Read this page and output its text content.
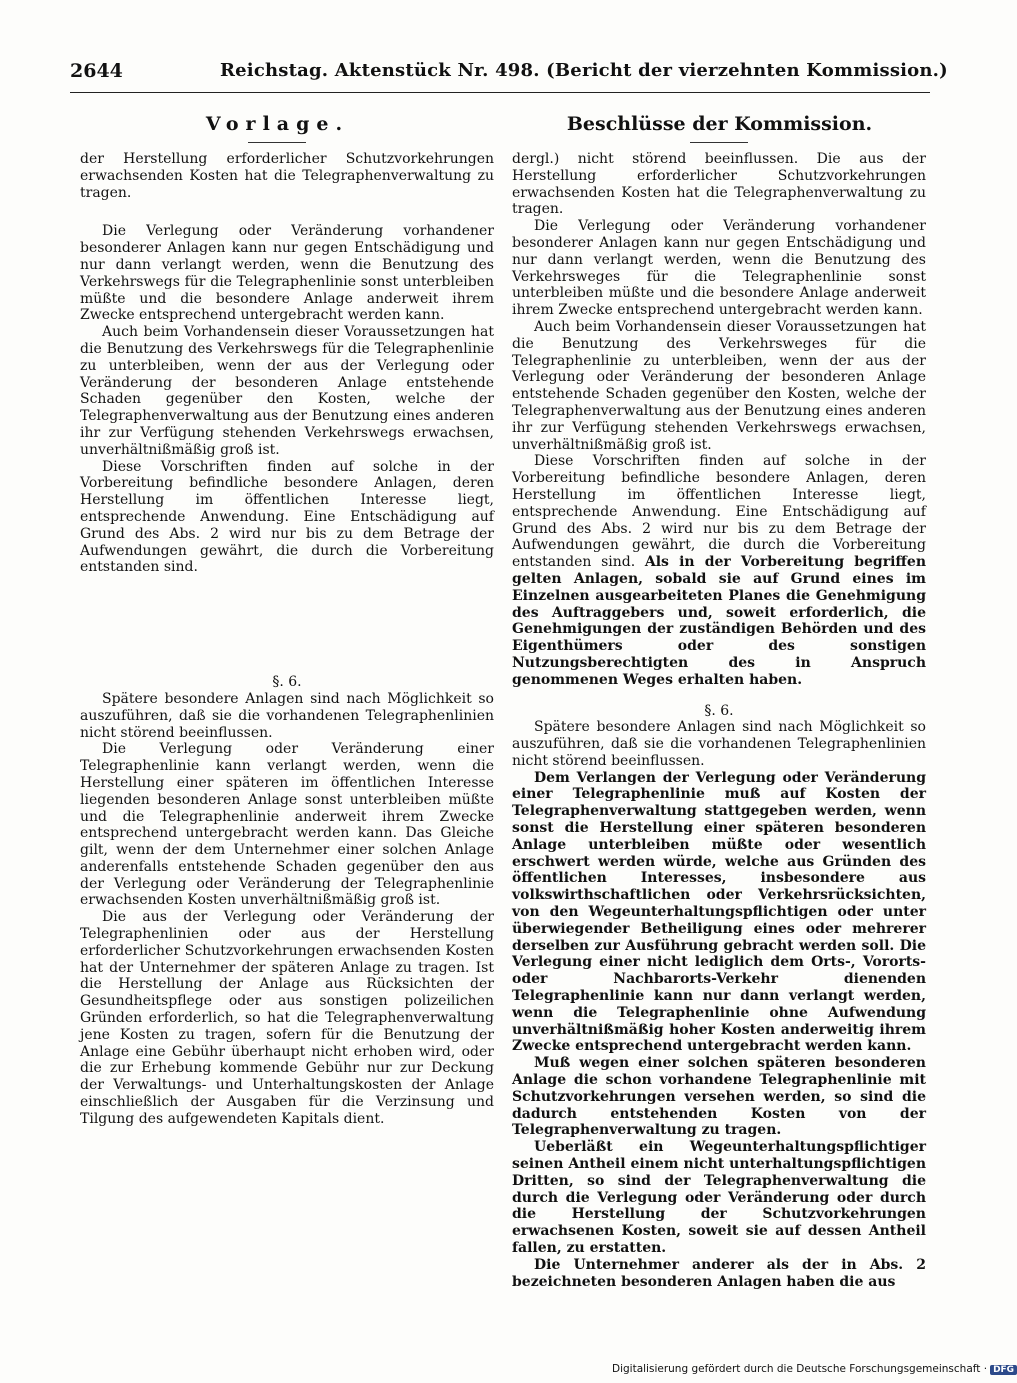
2644	Reichstag. Aktenstück Nr. 498. (Bericht der vierzehnten Kommission.)
Vorlage.	Beschlüsse der Kommission.

der Herstellung erforderlicher Schutzvorkehrungen erwachsenden Kosten hat die Telegraphenverwaltung zu tragen.

Die Verlegung oder Veränderung vorhandener besonderer Anlagen kann nur gegen Entschädigung und nur dann verlangt werden, wenn die Benutzung des Verkehrswegs für die Telegraphenlinie sonst unterbleiben müßte und die besondere Anlage anderweit ihrem Zwecke entsprechend untergebracht werden kann.

Auch beim Vorhandensein dieser Voraussetzungen hat die Benutzung des Verkehrswegs für die Telegraphenlinie zu unterbleiben, wenn der aus der Verlegung oder Veränderung der besonderen Anlage entstehende Schaden gegenüber den Kosten, welche der Telegraphenverwaltung aus der Benutzung eines anderen ihr zur Verfügung stehenden Verkehrswegs erwachsen, unverhältnißmäßig groß ist.

Diese Vorschriften finden auf solche in der Vorbereitung befindliche besondere Anlagen, deren Herstellung im öffentlichen Interesse liegt, entsprechende Anwendung. Eine Entschädigung auf Grund des Abs. 2 wird nur bis zu dem Betrage der Aufwendungen gewährt, die durch die Vorbereitung entstanden sind.

§. 6.

Spätere besondere Anlagen sind nach Möglichkeit so auszuführen, daß sie die vorhandenen Telegraphenlinien nicht störend beeinflussen.

Die Verlegung oder Veränderung einer Telegraphenlinie kann verlangt werden, wenn die Herstellung einer späteren im öffentlichen Interesse liegenden besonderen Anlage sonst unterbleiben müßte und die Telegraphenlinie anderweit ihrem Zwecke entsprechend untergebracht werden kann. Das Gleiche gilt, wenn der dem Unternehmer einer solchen Anlage anderenfalls entstehende Schaden gegenüber den aus der Verlegung oder Veränderung der Telegraphenlinie erwachsenden Kosten unverhältnißmäßig groß ist.

Die aus der Verlegung oder Veränderung der Telegraphenlinien oder aus der Herstellung erforderlicher Schutzvorkehrungen erwachsenden Kosten hat der Unternehmer der späteren Anlage zu tragen. Ist die Herstellung der Anlage aus Rücksichten der Gesundheitspflege oder aus sonstigen polizeilichen Gründen erforderlich, so hat die Telegraphenverwaltung jene Kosten zu tragen, sofern für die Benutzung der Anlage eine Gebühr überhaupt nicht erhoben wird, oder die zur Erhebung kommende Gebühr nur zur Deckung der Verwaltungs- und Unterhaltungskosten der Anlage einschließlich der Ausgaben für die Verzinsung und Tilgung des aufgewendeten Kapitals dient.

dergl.) nicht störend beeinflussen. Die aus der Herstellung erforderlicher Schutzvorkehrungen erwachsenden Kosten hat die Telegraphenverwaltung zu tragen.

Die Verlegung oder Veränderung vorhandener besonderer Anlagen kann nur gegen Entschädigung und nur dann verlangt werden, wenn die Benutzung des Verkehrsweges für die Telegraphenlinie sonst unterbleiben müßte und die besondere Anlage anderweit ihrem Zwecke entsprechend untergebracht werden kann.

Auch beim Vorhandensein dieser Voraussetzungen hat die Benutzung des Verkehrsweges für die Telegraphenlinie zu unterbleiben, wenn der aus der Verlegung oder Veränderung der besonderen Anlage entstehende Schaden gegenüber den Kosten, welche der Telegraphenverwaltung aus der Benutzung eines anderen ihr zur Verfügung stehenden Verkehrswegs erwachsen, unverhältnißmäßig groß ist.

Diese Vorschriften finden auf solche in der Vorbereitung befindliche besondere Anlagen, deren Herstellung im öffentlichen Interesse liegt, entsprechende Anwendung. Eine Entschädigung auf Grund des Abs. 2 wird nur bis zu dem Betrage der Aufwendungen gewährt, die durch die Vorbereitung entstanden sind. Als in der Vorbereitung begriffen gelten Anlagen, sobald sie auf Grund eines im Einzelnen ausgearbeiteten Planes die Genehmigung des Auftraggebers und, soweit erforderlich, die Genehmigungen der zuständigen Behörden und des Eigenthümers oder des sonstigen Nutzungsberechtigten des in Anspruch genommenen Weges erhalten haben.

§. 6.

Spätere besondere Anlagen sind nach Möglichkeit so auszuführen, daß sie die vorhandenen Telegraphenlinien nicht störend beeinflussen.

Dem Verlangen der Verlegung oder Veränderung einer Telegraphenlinie muß auf Kosten der Telegraphenverwaltung stattgegeben werden, wenn sonst die Herstellung einer späteren besonderen Anlage unterbleiben müßte oder wesentlich erschwert werden würde, welche aus Gründen des öffentlichen Interesses, insbesondere aus volkswirthschaftlichen oder Verkehrsrücksichten, von den Wegeunterhaltungspflichtigen oder unter überwiegender Betheiligung eines oder mehrerer derselben zur Ausführung gebracht werden soll. Die Verlegung einer nicht lediglich dem Orts-, Vororts- oder Nachbarorts-Verkehr dienenden Telegraphenlinie kann nur dann verlangt werden, wenn die Telegraphenlinie ohne Aufwendung unverhältnißmäßig hoher Kosten anderweitig ihrem Zwecke entsprechend untergebracht werden kann.

Muß wegen einer solchen späteren besonderen Anlage die schon vorhandene Telegraphenlinie mit Schutzvorkehrungen versehen werden, so sind die dadurch entstehenden Kosten von der Telegraphenverwaltung zu tragen.

Ueberläßt ein Wegeunterhaltungspflichtiger seinen Antheil einem nicht unterhaltungspflichtigen Dritten, so sind der Telegraphenverwaltung die durch die Verlegung oder Veränderung oder durch die Herstellung der Schutzvorkehrungen erwachsenen Kosten, soweit sie auf dessen Antheil fallen, zu erstatten.

Die Unternehmer anderer als der in Abs. 2 bezeichneten besonderen Anlagen haben die aus

Digitalisierung gefördert durch die Deutsche Forschungsgemeinschaft · DFG
